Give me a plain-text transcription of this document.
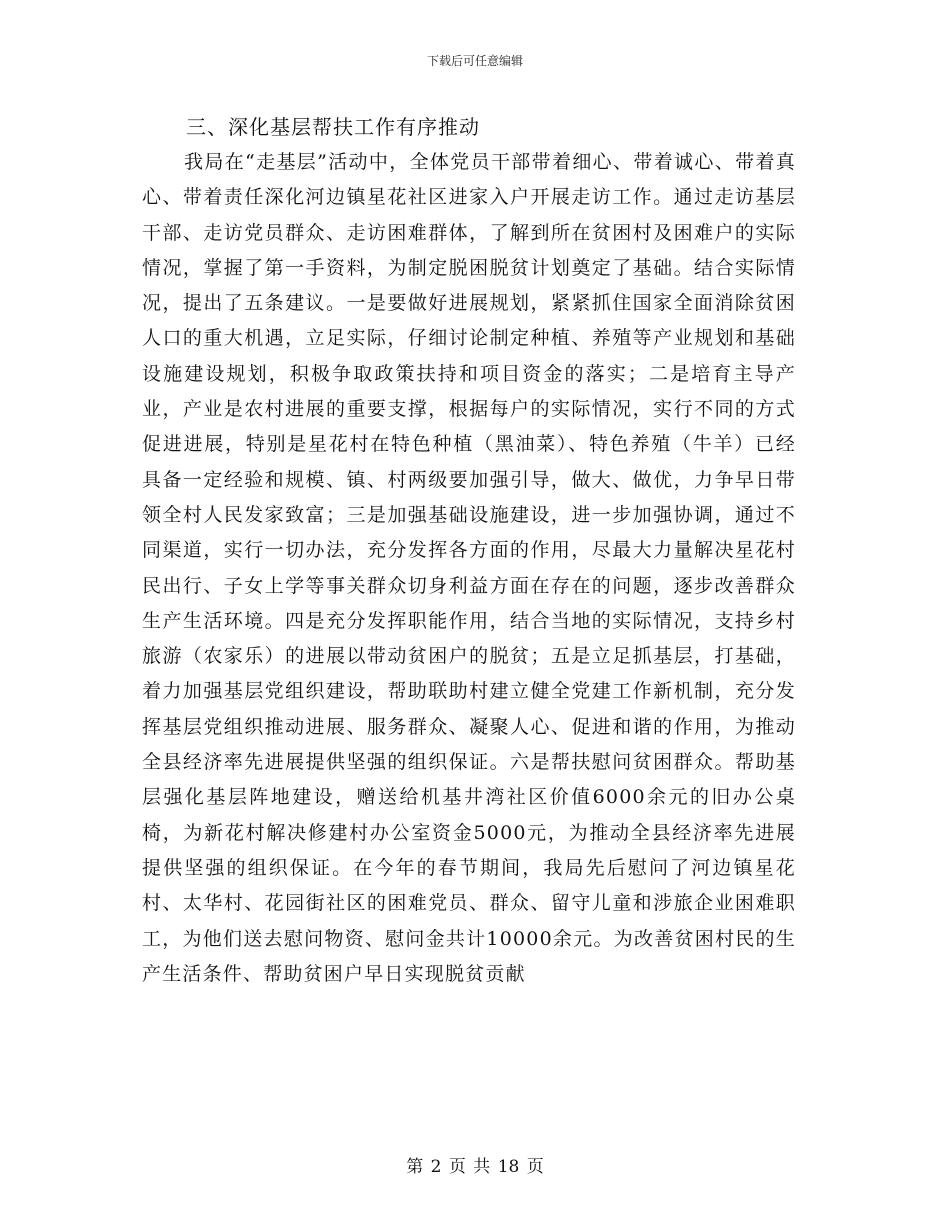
下载后可任意编辑
三、深化基层帮扶工作有序推动

我局在“走基层”活动中，全体党员干部带着细心、带着诚心、带着真心、带着责任深化河边镇星花社区进家入户开展走访工作。通过走访基层干部、走访党员群众、走访困难群体，了解到所在贫困村及困难户的实际情况，掌握了第一手资料，为制定脱困脱贫计划奠定了基础。结合实际情况，提出了五条建议。一是要做好进展规划，紧紧抓住国家全面消除贫困人口的重大机遇，立足实际，仔细讨论制定种植、养殖等产业规划和基础设施建设规划，积极争取政策扶持和项目资金的落实；二是培育主导产业，产业是农村进展的重要支撑，根据每户的实际情况，实行不同的方式促进进展，特别是星花村在特色种植（黑油菜）、特色养殖（牛羊）已经具备一定经验和规模、镇、村两级要加强引导，做大、做优，力争早日带领全村人民发家致富；三是加强基础设施建设，进一步加强协调，通过不同渠道，实行一切办法，充分发挥各方面的作用，尽最大力量解决星花村民出行、子女上学等事关群众切身利益方面在存在的问题，逐步改善群众生产生活环境。四是充分发挥职能作用，结合当地的实际情况，支持乡村旅游（农家乐）的进展以带动贫困户的脱贫；五是立足抓基层，打基础，着力加强基层党组织建设，帮助联助村建立健全党建工作新机制，充分发挥基层党组织推动进展、服务群众、凝聚人心、促进和谐的作用，为推动全县经济率先进展提供坚强的组织保证。六是帮扶慰问贫困群众。帮助基层强化基层阵地建设，赠送给机基井湾社区价值6000余元的旧办公桌椅，为新花村解决修建村办公室资金5000元，为推动全县经济率先进展提供坚强的组织保证。在今年的春节期间，我局先后慰问了河边镇星花村、太华村、花园街社区的困难党员、群众、留守儿童和涉旅企业困难职工，为他们送去慰问物资、慰问金共计10000余元。为改善贫困村民的生产生活条件、帮助贫困户早日实现脱贫贡献

第 2 页 共 18 页
